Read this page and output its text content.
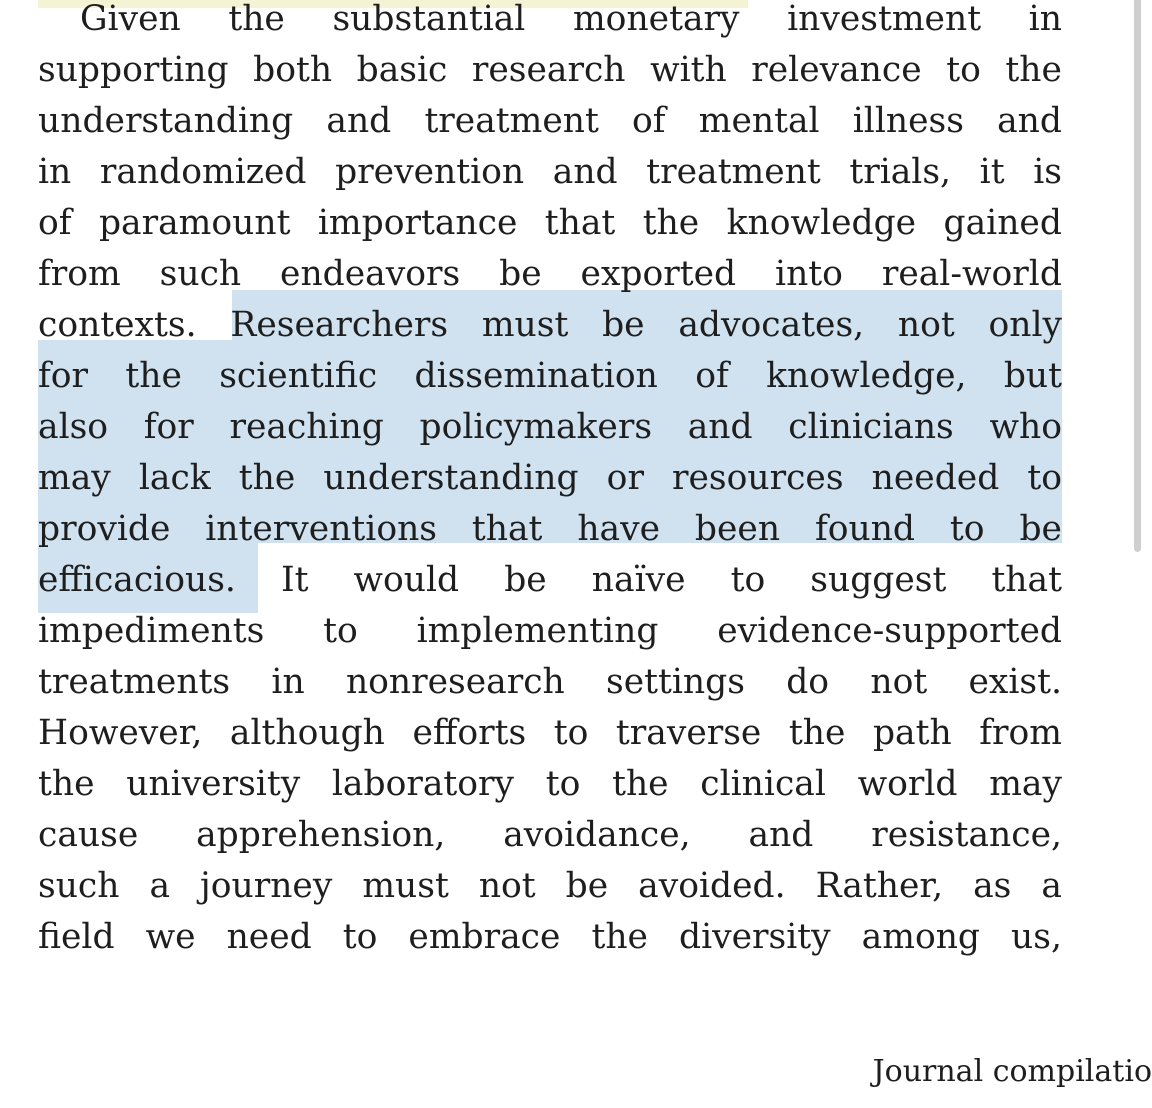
Given the substantial monetary investment in
supporting both basic research with relevance to the
understanding and treatment of mental illness and
in randomized prevention and treatment trials, it is
of paramount importance that the knowledge gained
from such endeavors be exported into real-world
contexts. Researchers must be advocates, not only
for the scientific dissemination of knowledge, but
also for reaching policymakers and clinicians who
may lack the understanding or resources needed to
provide interventions that have been found to be
efficacious. It would be naïve to suggest that
impediments to implementing evidence-supported
treatments in nonresearch settings do not exist.
However, although efforts to traverse the path from
the university laboratory to the clinical world may
cause apprehension, avoidance, and resistance,
such a journey must not be avoided. Rather, as a
field we need to embrace the diversity among us,
Journal compilatio
